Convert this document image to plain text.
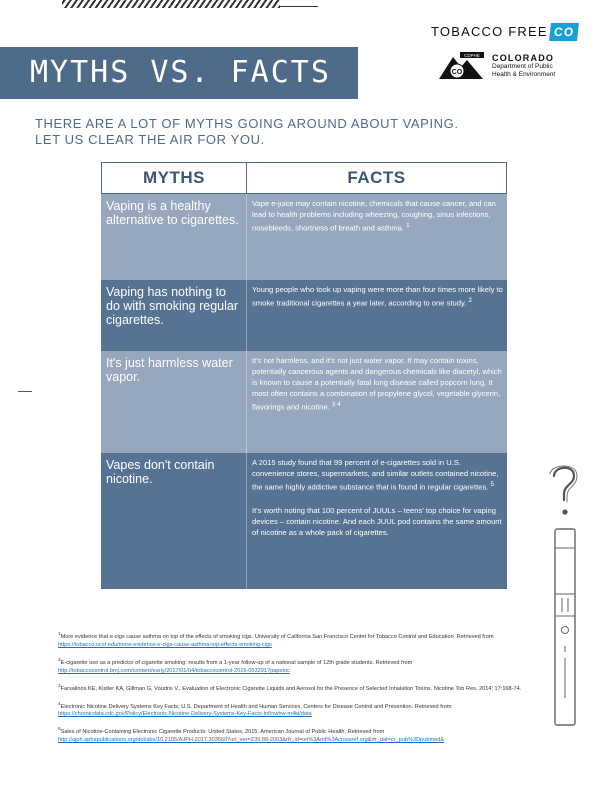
MYTHS VS. FACTS
TOBACCO FREE CO
CO
CDPHE COLORADO
Department of Public
Health & Environment
THERE ARE A LOT OF MYTHS GOING AROUND ABOUT VAPING.
LET US CLEAR THE AIR FOR YOU.
MYTHS	FACTS
Vaping is a healthy alternative to cigarettes.
Vape e-juice may contain nicotine, chemicals that cause cancer, and can lead to health problems including wheezing, coughing, sinus infections, nosebleeds, shortness of breath and asthma. $^1$
Vaping has nothing to do with smoking regular cigarettes.
Young people who took up vaping were more than four times more likely to smoke traditional cigarettes a year later, according to one study. $^2$
It's just harmless water vapor.
It's not harmless, and it's not just water vapor. It may contain toxins, potentially cancerous agents and dangerous chemicals like diacetyl, which is known to cause a potentially fatal lung disease called popcorn lung. It most often contains a combination of propylene glycol, vegetable glycerin, flavorings and nicotine. $^{3 4}$
Vapes don't contain nicotine.

A 2015 study found that 99 percent of e-cigarettes sold in U.S. convenience stores, supermarkets, and similar outlets contained nicotine, the same highly addictive substance that is found in regular cigarettes. $^5$

It's worth noting that 100 percent of JUULs – teens' top choice for vaping devices – contain nicotine. And each JUUL pod contains the same amount of nicotine as a whole pack of cigarettes.

$^1$More evidence that e-cigs cause asthma on top of the effects of smoking cigs. University of California San Francisco Center for Tobacco Control and Education. Retrieved from https://tobacco.ucsf.edu/more-evidence-e-cigs-cause-asthma-top-effects-smoking-cigs
$^2$E-cigarette use as a predictor of cigarette smoking: results from a 1-year follow-up of a national sample of 12th grade students. Retrieved from http://tobaccocontrol.bmj.com/content/early/2017/01/04/tobaccocontrol-2016-053291?papetoc
$^3$Farsalinos KE, Kistler KA, Gillman G, Voudris V., Evaluation of Electronic Cigarette Liquids and Aerosol for the Presence of Selected Inhalation Toxins. Nicotine Tob Res. 2014; 17:168-74.
$^4$Electronic Nicotine Delivery Systems Key Facts; U.S. Department of Health and Human Services, Centers for Disease Control and Prevention. Retrieved from https://chronicdata.cdc.gov/Policy/Electronic-Nicotine-Delivery-Systems-Key-Facts-Inf/nwhw-m4ki/data
$^5$Sales of Nicotine-Containing Electronic Cigarette Products: United States, 2015. American Journal of Public Health. Retrieved from http://ajph.aphapublications.org/doi/abs/10.2105/AJPH.2017.303660?url_ver=Z39.88-2003&rfr_id=ori%3Arid%3Acrossref.org&rfr_dat=cr_pub%3Dpubmed&
